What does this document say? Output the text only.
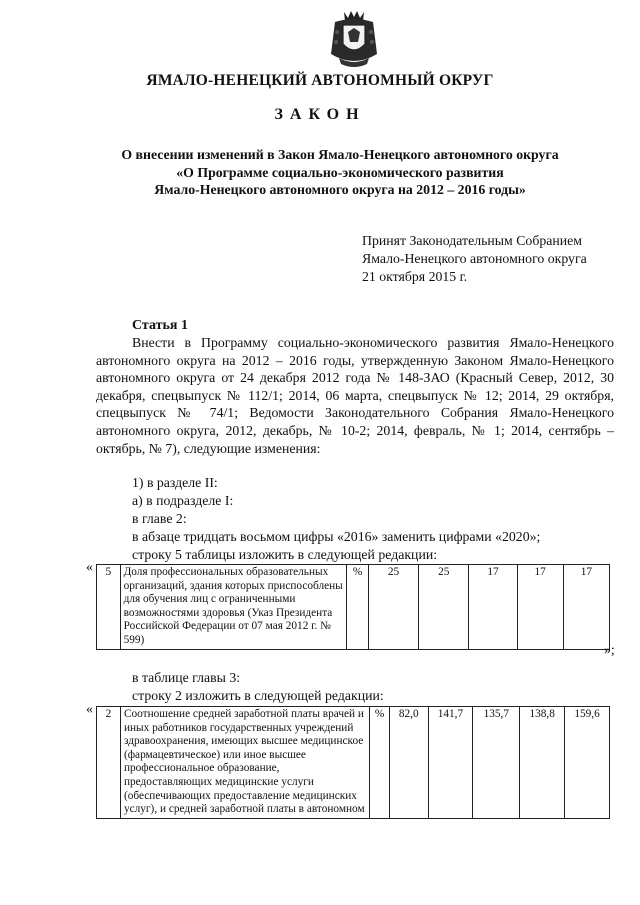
ЯМАЛО-НЕНЕЦКИЙ АВТОНОМНЫЙ ОКРУГ
ЗАКОН
О внесении изменений в Закон Ямало-Ненецкого автономного округа
«О Программе социально-экономического развития
Ямало-Ненецкого автономного округа на 2012 – 2016 годы»
Принят Законодательным Собранием
Ямало-Ненецкого автономного округа
21 октября 2015 г.
Статья 1
Внести в Программу социально-экономического развития Ямало-Ненецкого автономного округа на 2012 – 2016 годы, утвержденную Законом Ямало-Ненецкого автономного округа от 24 декабря 2012 года № 148-ЗАО (Красный Север, 2012, 30 декабря, спецвыпуск № 112/1; 2014, 06 марта, спецвыпуск № 12; 2014, 29 октября, спецвыпуск № 74/1; Ведомости Законодательного Собрания Ямало-Ненецкого автономного округа, 2012, декабрь, № 10-2; 2014, февраль, № 1; 2014, сентябрь – октябрь, № 7), следующие изменения:
1) в разделе II:
а) в подразделе I:
в главе 2:
в абзаце тридцать восьмом цифры «2016» заменить цифрами «2020»;
строку 5 таблицы изложить в следующей редакции:
« 5	Доля профессиональных образовательных организаций, здания которых приспособлены для обучения лиц с ограниченными возможностями здоровья (Указ Президента Российской Федерации от 07 мая 2012 г. № 599)	%	25	25	17	17	17
»;
в таблице главы 3:
строку 2 изложить в следующей редакции:
« 2	Соотношение средней заработной платы врачей и иных работников государственных учреждений здравоохранения, имеющих высшее медицинское (фармацевтическое) или иное высшее профессиональное образование, предоставляющих медицинские услуги (обеспечивающих предоставление медицинских услуг), и средней заработной платы в автономном	%	82,0	141,7	135,7	138,8	159,6
